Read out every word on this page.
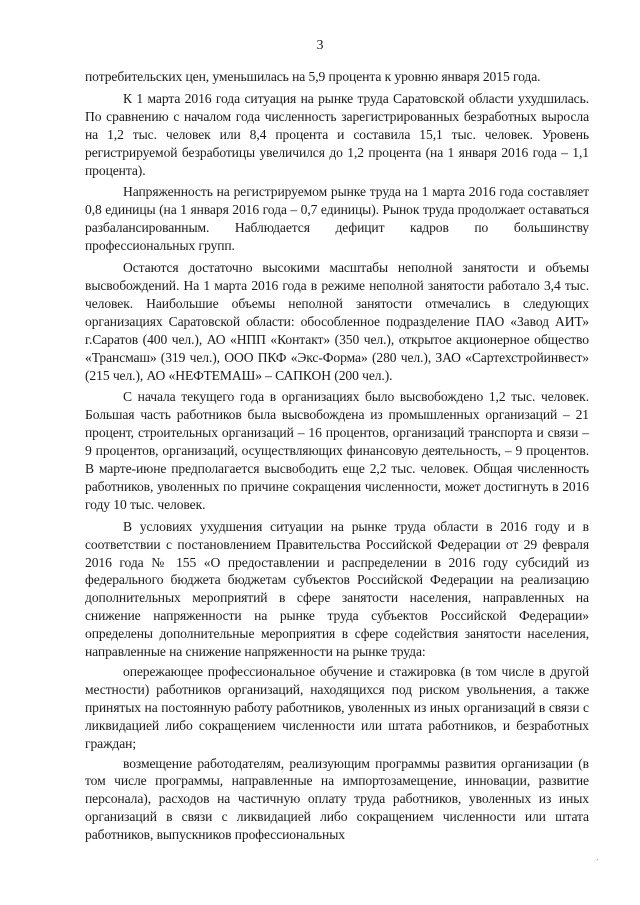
3

потребительских цен, уменьшилась на 5,9 процента к уровню января 2015 года.

К 1 марта 2016 года ситуация на рынке труда Саратовской области ухудшилась. По сравнению с началом года численность зарегистрированных безработных выросла на 1,2 тыс. человек или 8,4 процента и составила 15,1 тыс. человек. Уровень регистрируемой безработицы увеличился до 1,2 процента (на 1 января 2016 года – 1,1 процента).

Напряженность на регистрируемом рынке труда на 1 марта 2016 года составляет 0,8 единицы (на 1 января 2016 года – 0,7 единицы). Рынок труда продолжает оставаться разбалансированным. Наблюдается дефицит кадров по большинству профессиональных групп.

Остаются достаточно высокими масштабы неполной занятости и объемы высвобождений. На 1 марта 2016 года в режиме неполной занятости работало 3,4 тыс. человек. Наибольшие объемы неполной занятости отмечались в следующих организациях Саратовской области: обособленное подразделение ПАО «Завод АИТ» г.Саратов (400 чел.), АО «НПП «Контакт» (350 чел.), открытое акционерное общество «Трансмаш» (319 чел.), ООО ПКФ «Экс-Форма» (280 чел.), ЗАО «Сартехстройинвест» (215 чел.), АО «НЕФТЕМАШ» – САПКОН (200 чел.).

С начала текущего года в организациях было высвобождено 1,2 тыс. человек. Большая часть работников была высвобождена из промышленных организаций – 21 процент, строительных организаций – 16 процентов, организаций транспорта и связи – 9 процентов, организаций, осуществляющих финансовую деятельность, – 9 процентов. В марте-июне предполагается высвободить еще 2,2 тыс. человек. Общая численность работников, уволенных по причине сокращения численности, может достигнуть в 2016 году 10 тыс. человек.

В условиях ухудшения ситуации на рынке труда области в 2016 году и в соответствии с постановлением Правительства Российской Федерации от 29 февраля 2016 года № 155 «О предоставлении и распределении в 2016 году субсидий из федерального бюджета бюджетам субъектов Российской Федерации на реализацию дополнительных мероприятий в сфере занятости населения, направленных на снижение напряженности на рынке труда субъектов Российской Федерации» определены дополнительные мероприятия в сфере содействия занятости населения, направленные на снижение напряженности на рынке труда:

опережающее профессиональное обучение и стажировка (в том числе в другой местности) работников организаций, находящихся под риском увольнения, а также принятых на постоянную работу работников, уволенных из иных организаций в связи с ликвидацией либо сокращением численности или штата работников, и безработных граждан;

возмещение работодателям, реализующим программы развития организации (в том числе программы, направленные на импортозамещение, инновации, развитие персонала), расходов на частичную оплату труда работников, уволенных из иных организаций в связи с ликвидацией либо сокращением численности или штата работников, выпускников профессиональных

´
